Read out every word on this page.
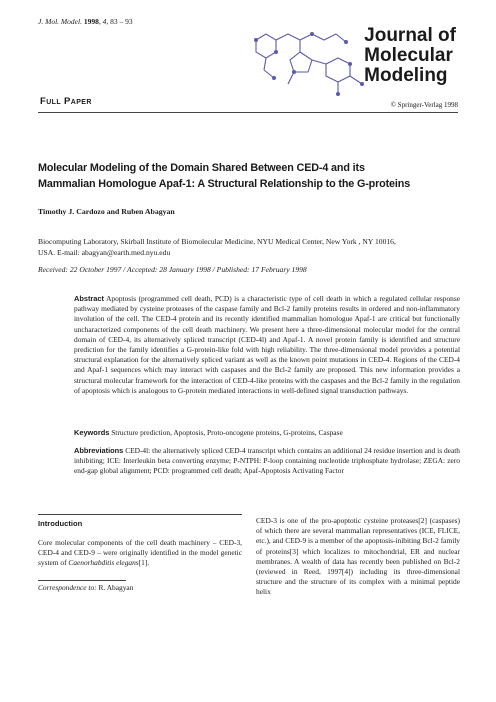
J. Mol. Model. 1998, 4, 83 – 93
Journal of
Molecular
Modeling
Full Paper	© Springer-Verlag 1998
Molecular Modeling of the Domain Shared Between CED-4 and its
Mammalian Homologue Apaf-1: A Structural Relationship to the G-proteins
Timothy J. Cardozo and Ruben Abagyan
Biocomputing Laboratory, Skirball Institute of Biomolecular Medicine, NYU Medical Center, New York , NY 10016,
USA. E-mail: abagyan@earth.med.nyu.edu
Received: 22 October 1997 / Accepted: 28 January 1998 / Published: 17 February 1998
Abstract Apoptosis (programmed cell death, PCD) is a characteristic type of cell death in which a regulated cellular response pathway mediated by cysteine proteases of the caspase family and Bcl-2 family proteins results in ordered and non-inflammatory involution of the cell. The CED-4 protein and its recently identified mammalian homologue Apaf-1 are critical but functionally uncharacterized components of the cell death machinery. We present here a three-dimensional molecular model for the central domain of CED-4, its alternatively spliced transcript (CED-4l) and Apaf-1. A novel protein family is identified and structure prediction for the family identifies a G-protein-like fold with high reliability. The three-dimensional model provides a potential structural explanation for the alternatively spliced variant as well as the known point mutations in CED-4. Regions of the CED-4 and Apaf-1 sequences which may interact with caspases and the Bcl-2 family are proposed. This new information provides a structural molecular framework for the interaction of CED-4-like proteins with the caspases and the Bcl-2 family in the regulation of apoptosis which is analogous to G-protein mediated interactions in well-defined signal transduction pathways.
Keywords Structure prediction, Apoptosis, Proto-oncogene proteins, G-proteins, Caspase
Abbreviations CED-4l: the alternatively spliced CED-4 transcript which contains an additional 24 residue insertion and is death inhibiting; ICE: Interleukin beta converting enzyme; P-NTPH: P-loop containing nucleotide triphosphate hydrolase; ZEGA: zero end-gap global alignment; PCD: programmed cell death; Apaf-Apoptosis Activating Factor
Introduction
Core molecular components of the cell death machinery – CED-3, CED-4 and CED-9 – were originally identified in the model genetic system of Caenorhabditis elegans[1].
Correspondence to: R. Abagyan
CED-3 is one of the pro-apoptotic cysteine proteases[2] (caspases) of which there are several mammalian representatives (ICE, FLICE, etc.), and CED-9 is a member of the apoptosis-inibiting Bcl-2 family of proteins[3] which localizes to mitochondrial, ER and nuclear membranes. A wealth of data has recently been published on Bcl-2 (reviewed in Reed, 1997[4]) including its three-dimensional structure and the structure of its complex with a minimal peptide helix
